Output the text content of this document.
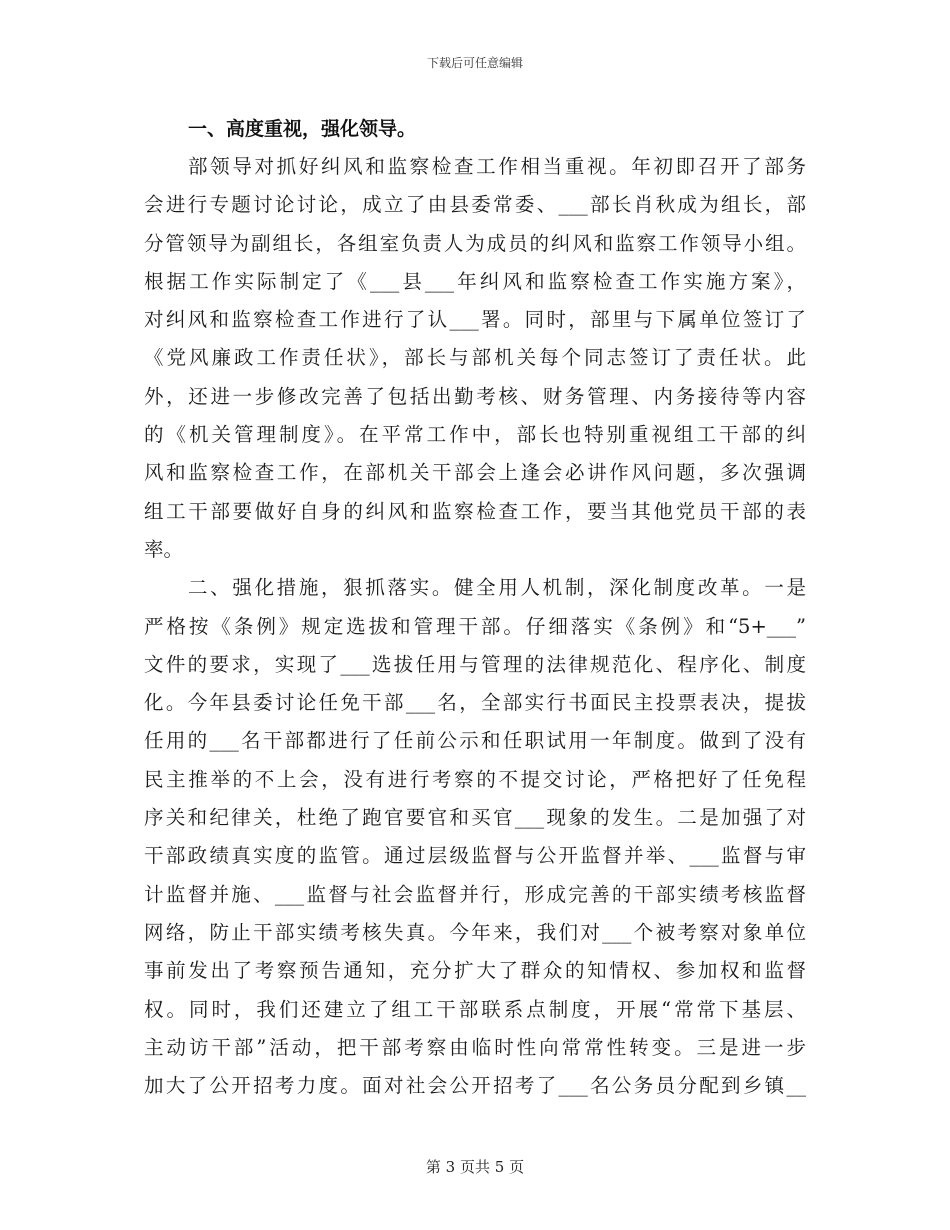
下载后可任意编辑
一、高度重视，强化领导。
部领导对抓好纠风和监察检查工作相当重视。年初即召开了部务
会进行专题讨论讨论，成立了由县委常委、___部长肖秋成为组长，部
分管领导为副组长，各组室负责人为成员的纠风和监察工作领导小组。
根据工作实际制定了《___县___年纠风和监察检查工作实施方案》，
对纠风和监察检查工作进行了认___署。同时，部里与下属单位签订了
《党风廉政工作责任状》，部长与部机关每个同志签订了责任状。此
外，还进一步修改完善了包括出勤考核、财务管理、内务接待等内容
的《机关管理制度》。在平常工作中，部长也特别重视组工干部的纠
风和监察检查工作，在部机关干部会上逢会必讲作风问题，多次强调
组工干部要做好自身的纠风和监察检查工作，要当其他党员干部的表
率。
二、强化措施，狠抓落实。健全用人机制，深化制度改革。一是
严格按《条例》规定选拔和管理干部。仔细落实《条例》和“5+___”
文件的要求，实现了___选拔任用与管理的法律规范化、程序化、制度
化。今年县委讨论任免干部___名，全部实行书面民主投票表决，提拔
任用的___名干部都进行了任前公示和任职试用一年制度。做到了没有
民主推举的不上会，没有进行考察的不提交讨论，严格把好了任免程
序关和纪律关，杜绝了跑官要官和买官___现象的发生。二是加强了对
干部政绩真实度的监管。通过层级监督与公开监督并举、___监督与审
计监督并施、___监督与社会监督并行，形成完善的干部实绩考核监督
网络，防止干部实绩考核失真。今年来，我们对___个被考察对象单位
事前发出了考察预告通知，充分扩大了群众的知情权、参加权和监督
权。同时，我们还建立了组工干部联系点制度，开展“常常下基层、
主动访干部”活动，把干部考察由临时性向常常性转变。三是进一步
加大了公开招考力度。面对社会公开招考了___名公务员分配到乡镇__
第 3 页共 5 页
